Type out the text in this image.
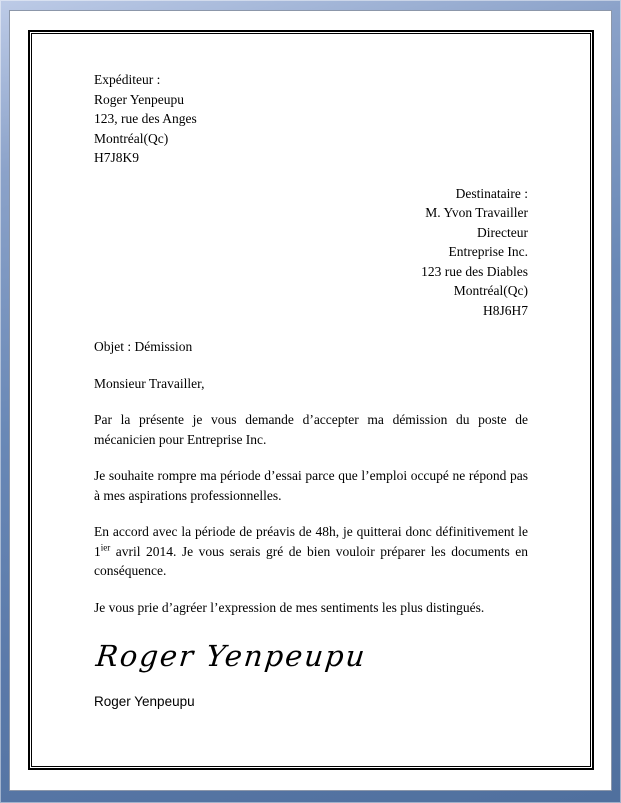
Expéditeur :
Roger Yenpeupu
123, rue des Anges
Montréal(Qc)
H7J8K9
Destinataire :
M. Yvon Travailler
Directeur
Entreprise Inc.
123 rue des Diables
Montréal(Qc)
H8J6H7
Objet : Démission
Monsieur Travailler,

Par la présente je vous demande d’accepter ma démission du poste de mécanicien pour Entreprise Inc.

Je souhaite rompre ma période d’essai parce que l’emploi occupé ne répond pas à mes aspirations professionnelles.

En accord avec la période de préavis de 48h, je quitterai donc définitivement le $1^{ier}$ avril 2014. Je vous serais gré de bien vouloir préparer les documents en conséquence.

Je vous prie d’agréer l’expression de mes sentiments les plus distingués.
Roger Yenpeupu
Roger Yenpeupu
